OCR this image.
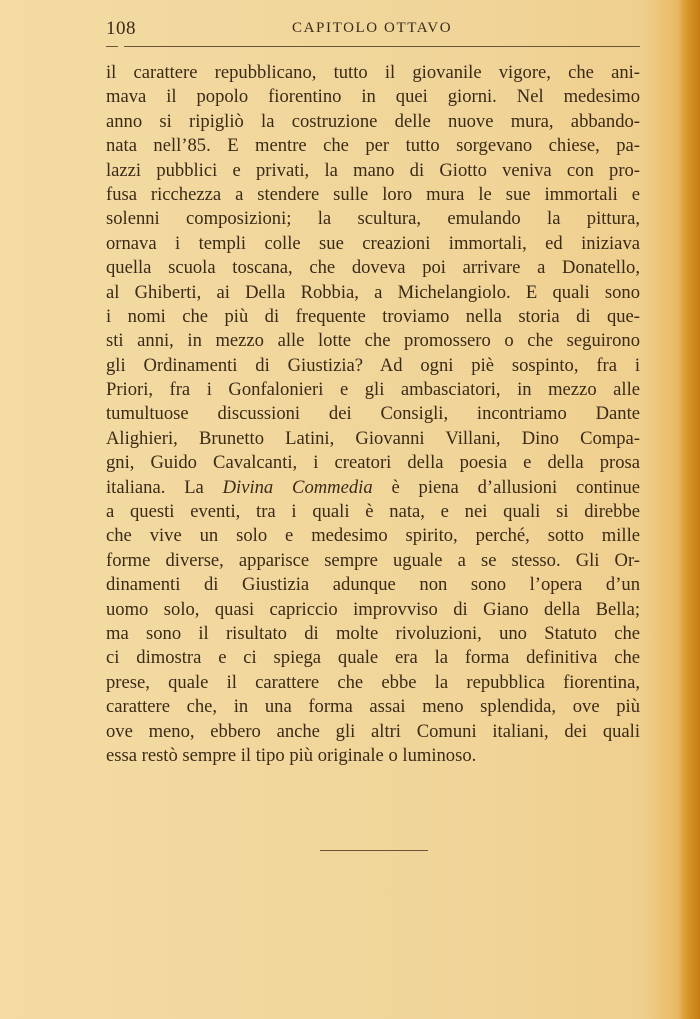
108	CAPITOLO OTTAVO
il carattere repubblicano, tutto il giovanile vigore, che ani-
mava il popolo fiorentino in quei giorni. Nel medesimo
anno si ripigliò la costruzione delle nuove mura, abbando-
nata nell’85. E mentre che per tutto sorgevano chiese, pa-
lazzi pubblici e privati, la mano di Giotto veniva con pro-
fusa ricchezza a stendere sulle loro mura le sue immortali e
solenni composizioni; la scultura, emulando la pittura,
ornava i templi colle sue creazioni immortali, ed iniziava
quella scuola toscana, che doveva poi arrivare a Donatello,
al Ghiberti, ai Della Robbia, a Michelangiolo. E quali sono
i nomi che più di frequente troviamo nella storia di que-
sti anni, in mezzo alle lotte che promossero o che seguirono
gli Ordinamenti di Giustizia? Ad ogni piè sospinto, fra i
Priori, fra i Gonfalonieri e gli ambasciatori, in mezzo alle
tumultuose discussioni dei Consigli, incontriamo Dante
Alighieri, Brunetto Latini, Giovanni Villani, Dino Compa-
gni, Guido Cavalcanti, i creatori della poesia e della prosa
italiana. La Divina Commedia è piena d’allusioni continue
a questi eventi, tra i quali è nata, e nei quali si direbbe
che vive un solo e medesimo spirito, perché, sotto mille
forme diverse, apparisce sempre uguale a se stesso. Gli Or-
dinamenti di Giustizia adunque non sono l’opera d’un
uomo solo, quasi capriccio improvviso di Giano della Bella;
ma sono il risultato di molte rivoluzioni, uno Statuto che
ci dimostra e ci spiega quale era la forma definitiva che
prese, quale il carattere che ebbe la repubblica fiorentina,
carattere che, in una forma assai meno splendida, ove più
ove meno, ebbero anche gli altri Comuni italiani, dei quali
essa restò sempre il tipo più originale o luminoso.
